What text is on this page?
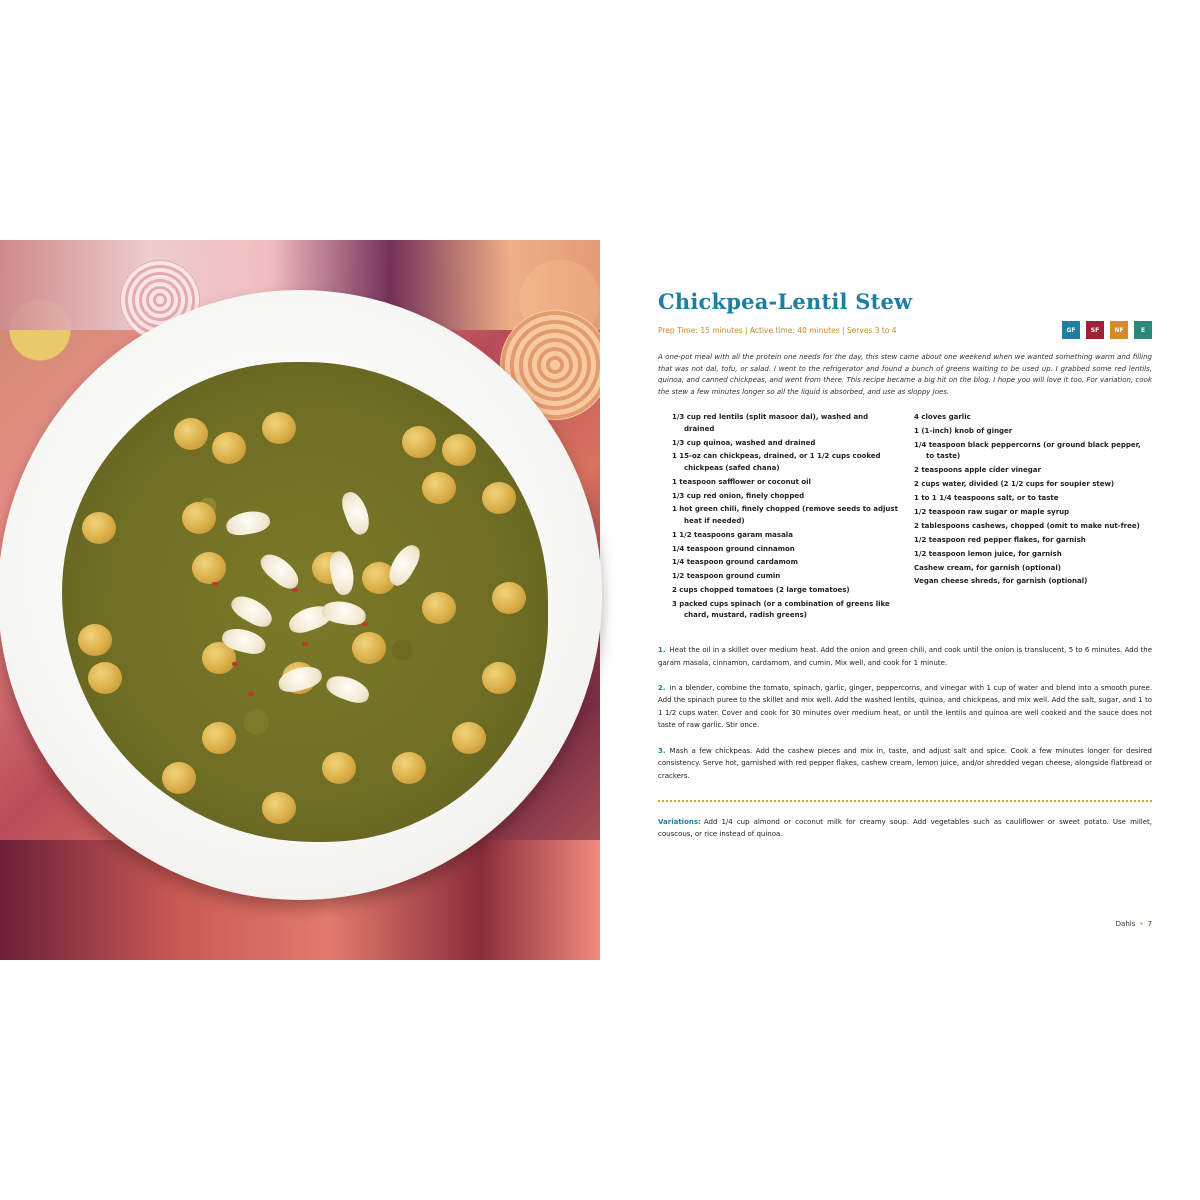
Chickpea-Lentil Stew
Prep Time: 15 minutes | Active time: 40 minutes | Serves 3 to 4	GF	SF	NF	E

A one-pot meal with all the protein one needs for the day, this stew came about one weekend when we wanted something warm and filling that was not dal, tofu, or salad. I went to the refrigerator and found a bunch of greens waiting to be used up. I grabbed some red lentils, quinoa, and canned chickpeas, and went from there. This recipe became a big hit on the blog. I hope you will love it too. For variation, cook the stew a few minutes longer so all the liquid is absorbed, and use as sloppy Joes.

1/3 cup red lentils (split masoor dal), washed and drained
1/3 cup quinoa, washed and drained
1 15-oz can chickpeas, drained, or 1 1/2 cups cooked chickpeas (safed chana)
1 teaspoon safflower or coconut oil
1/3 cup red onion, finely chopped
1 hot green chili, finely chopped (remove seeds to adjust heat if needed)
1 1/2 teaspoons garam masala
1/4 teaspoon ground cinnamon
1/4 teaspoon ground cardamom
1/2 teaspoon ground cumin
2 cups chopped tomatoes (2 large tomatoes)
3 packed cups spinach (or a combination of greens like chard, mustard, radish greens)
4 cloves garlic
1 (1-inch) knob of ginger
1/4 teaspoon black peppercorns (or ground black pepper, to taste)
2 teaspoons apple cider vinegar
2 cups water, divided (2 1/2 cups for soupier stew)
1 to 1 1/4 teaspoons salt, or to taste
1/2 teaspoon raw sugar or maple syrup
2 tablespoons cashews, chopped (omit to make nut-free)
1/2 teaspoon red pepper flakes, for garnish
1/2 teaspoon lemon juice, for garnish
Cashew cream, for garnish (optional)
Vegan cheese shreds, for garnish (optional)

1. Heat the oil in a skillet over medium heat. Add the onion and green chili, and cook until the onion is translucent, 5 to 6 minutes. Add the garam masala, cinnamon, cardamom, and cumin. Mix well, and cook for 1 minute.

2. In a blender, combine the tomato, spinach, garlic, ginger, peppercorns, and vinegar with 1 cup of water and blend into a smooth puree. Add the spinach puree to the skillet and mix well. Add the washed lentils, quinoa, and chickpeas, and mix well. Add the salt, sugar, and 1 to 1 1/2 cups water. Cover and cook for 30 minutes over medium heat, or until the lentils and quinoa are well cooked and the sauce does not taste of raw garlic. Stir once.

3. Mash a few chickpeas. Add the cashew pieces and mix in, taste, and adjust salt and spice. Cook a few minutes longer for desired consistency. Serve hot, garnished with red pepper flakes, cashew cream, lemon juice, and/or shredded vegan cheese, alongside flatbread or crackers.

Variations: Add 1/4 cup almond or coconut milk for creamy soup. Add vegetables such as cauliflower or sweet potato. Use millet, couscous, or rice instead of quinoa.

Dahls • 7
